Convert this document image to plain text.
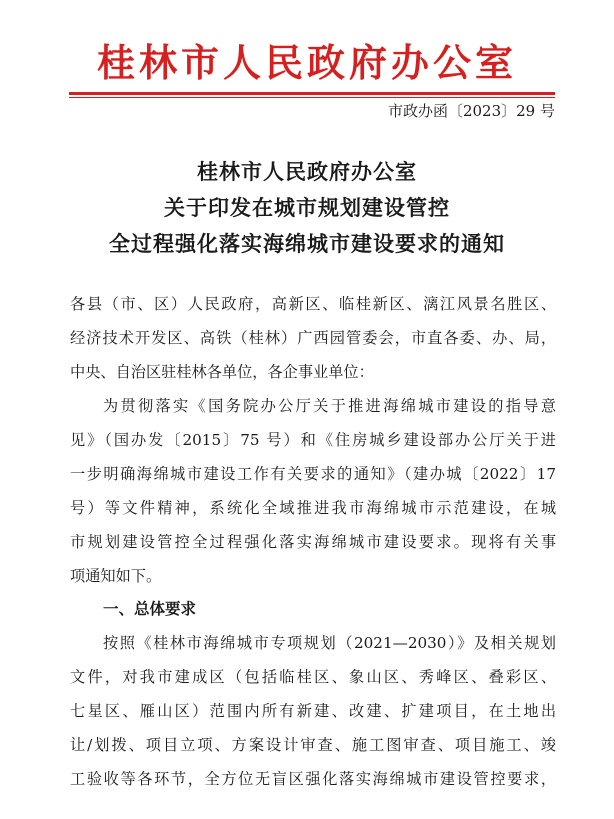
桂林市人民政府办公室
市政办函〔2023〕29 号
桂林市人民政府办公室
关于印发在城市规划建设管控
全过程强化落实海绵城市建设要求的通知
各县（市、区）人民政府，高新区、临桂新区、漓江风景名胜区、
经济技术开发区、高铁（桂林）广西园管委会，市直各委、办、局，
中央、自治区驻桂林各单位，各企事业单位：
为贯彻落实《国务院办公厅关于推进海绵城市建设的指导意
见》（国办发〔2015〕75 号）和《住房城乡建设部办公厅关于进
一步明确海绵城市建设工作有关要求的通知》（建办城〔2022〕17
号）等文件精神，系统化全域推进我市海绵城市示范建设，在城
市规划建设管控全过程强化落实海绵城市建设要求。现将有关事
项通知如下。
一、总体要求
按照《桂林市海绵城市专项规划（2021—2030）》及相关规划
文件，对我市建成区（包括临桂区、象山区、秀峰区、叠彩区、
七星区、雁山区）范围内所有新建、改建、扩建项目，在土地出
让/划拨、项目立项、方案设计审查、施工图审查、项目施工、竣
工验收等各环节，全方位无盲区强化落实海绵城市建设管控要求，
